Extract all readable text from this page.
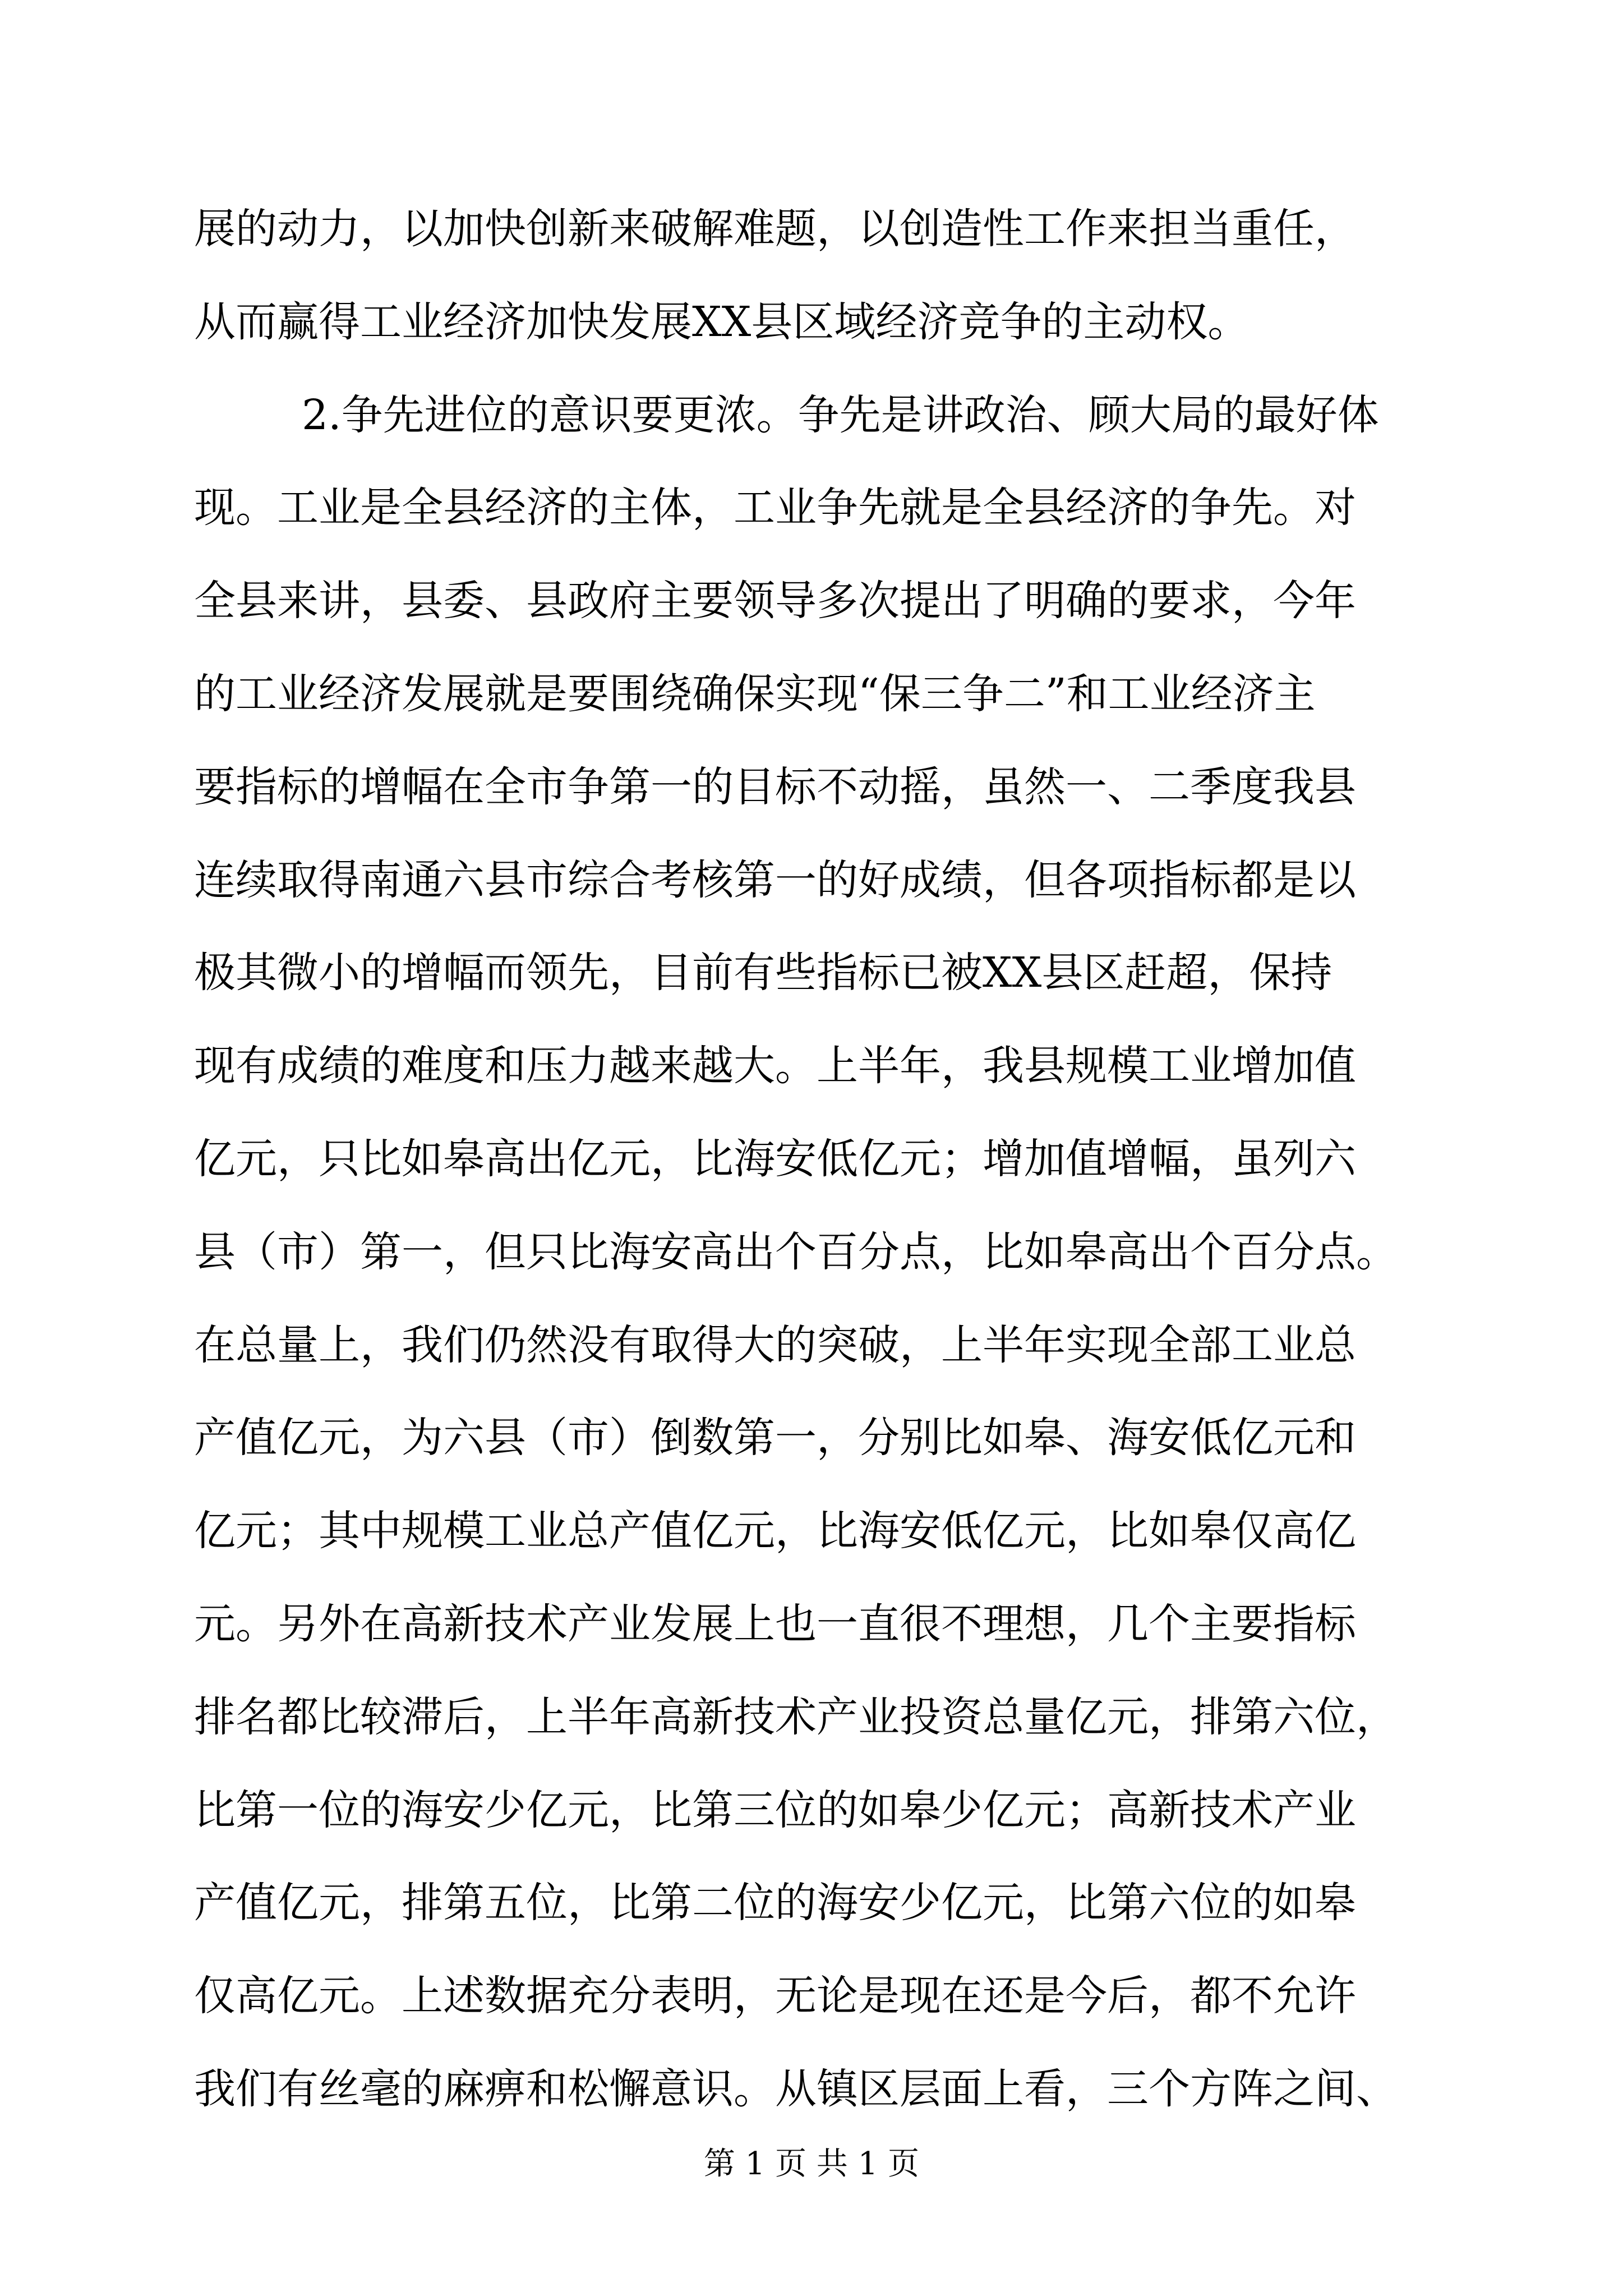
展的动力，以加快创新来破解难题，以创造性工作来担当重任，
从而赢得工业经济加快发展XX县区域经济竞争的主动权。
2.争先进位的意识要更浓。争先是讲政治、顾大局的最好体
现。工业是全县经济的主体，工业争先就是全县经济的争先。对
全县来讲，县委、县政府主要领导多次提出了明确的要求，今年
的工业经济发展就是要围绕确保实现“保三争二”和工业经济主
要指标的增幅在全市争第一的目标不动摇，虽然一、二季度我县
连续取得南通六县市综合考核第一的好成绩，但各项指标都是以
极其微小的增幅而领先，目前有些指标已被XX县区赶超，保持
现有成绩的难度和压力越来越大。上半年，我县规模工业增加值
亿元，只比如皋高出亿元，比海安低亿元；增加值增幅，虽列六
县（市）第一，但只比海安高出个百分点，比如皋高出个百分点。
在总量上，我们仍然没有取得大的突破，上半年实现全部工业总
产值亿元，为六县（市）倒数第一，分别比如皋、海安低亿元和
亿元；其中规模工业总产值亿元，比海安低亿元，比如皋仅高亿
元。另外在高新技术产业发展上也一直很不理想，几个主要指标
排名都比较滞后，上半年高新技术产业投资总量亿元，排第六位，
比第一位的海安少亿元，比第三位的如皋少亿元；高新技术产业
产值亿元，排第五位，比第二位的海安少亿元，比第六位的如皋
仅高亿元。上述数据充分表明，无论是现在还是今后，都不允许
我们有丝毫的麻痹和松懈意识。从镇区层面上看，三个方阵之间、
第 1 页 共 1 页
